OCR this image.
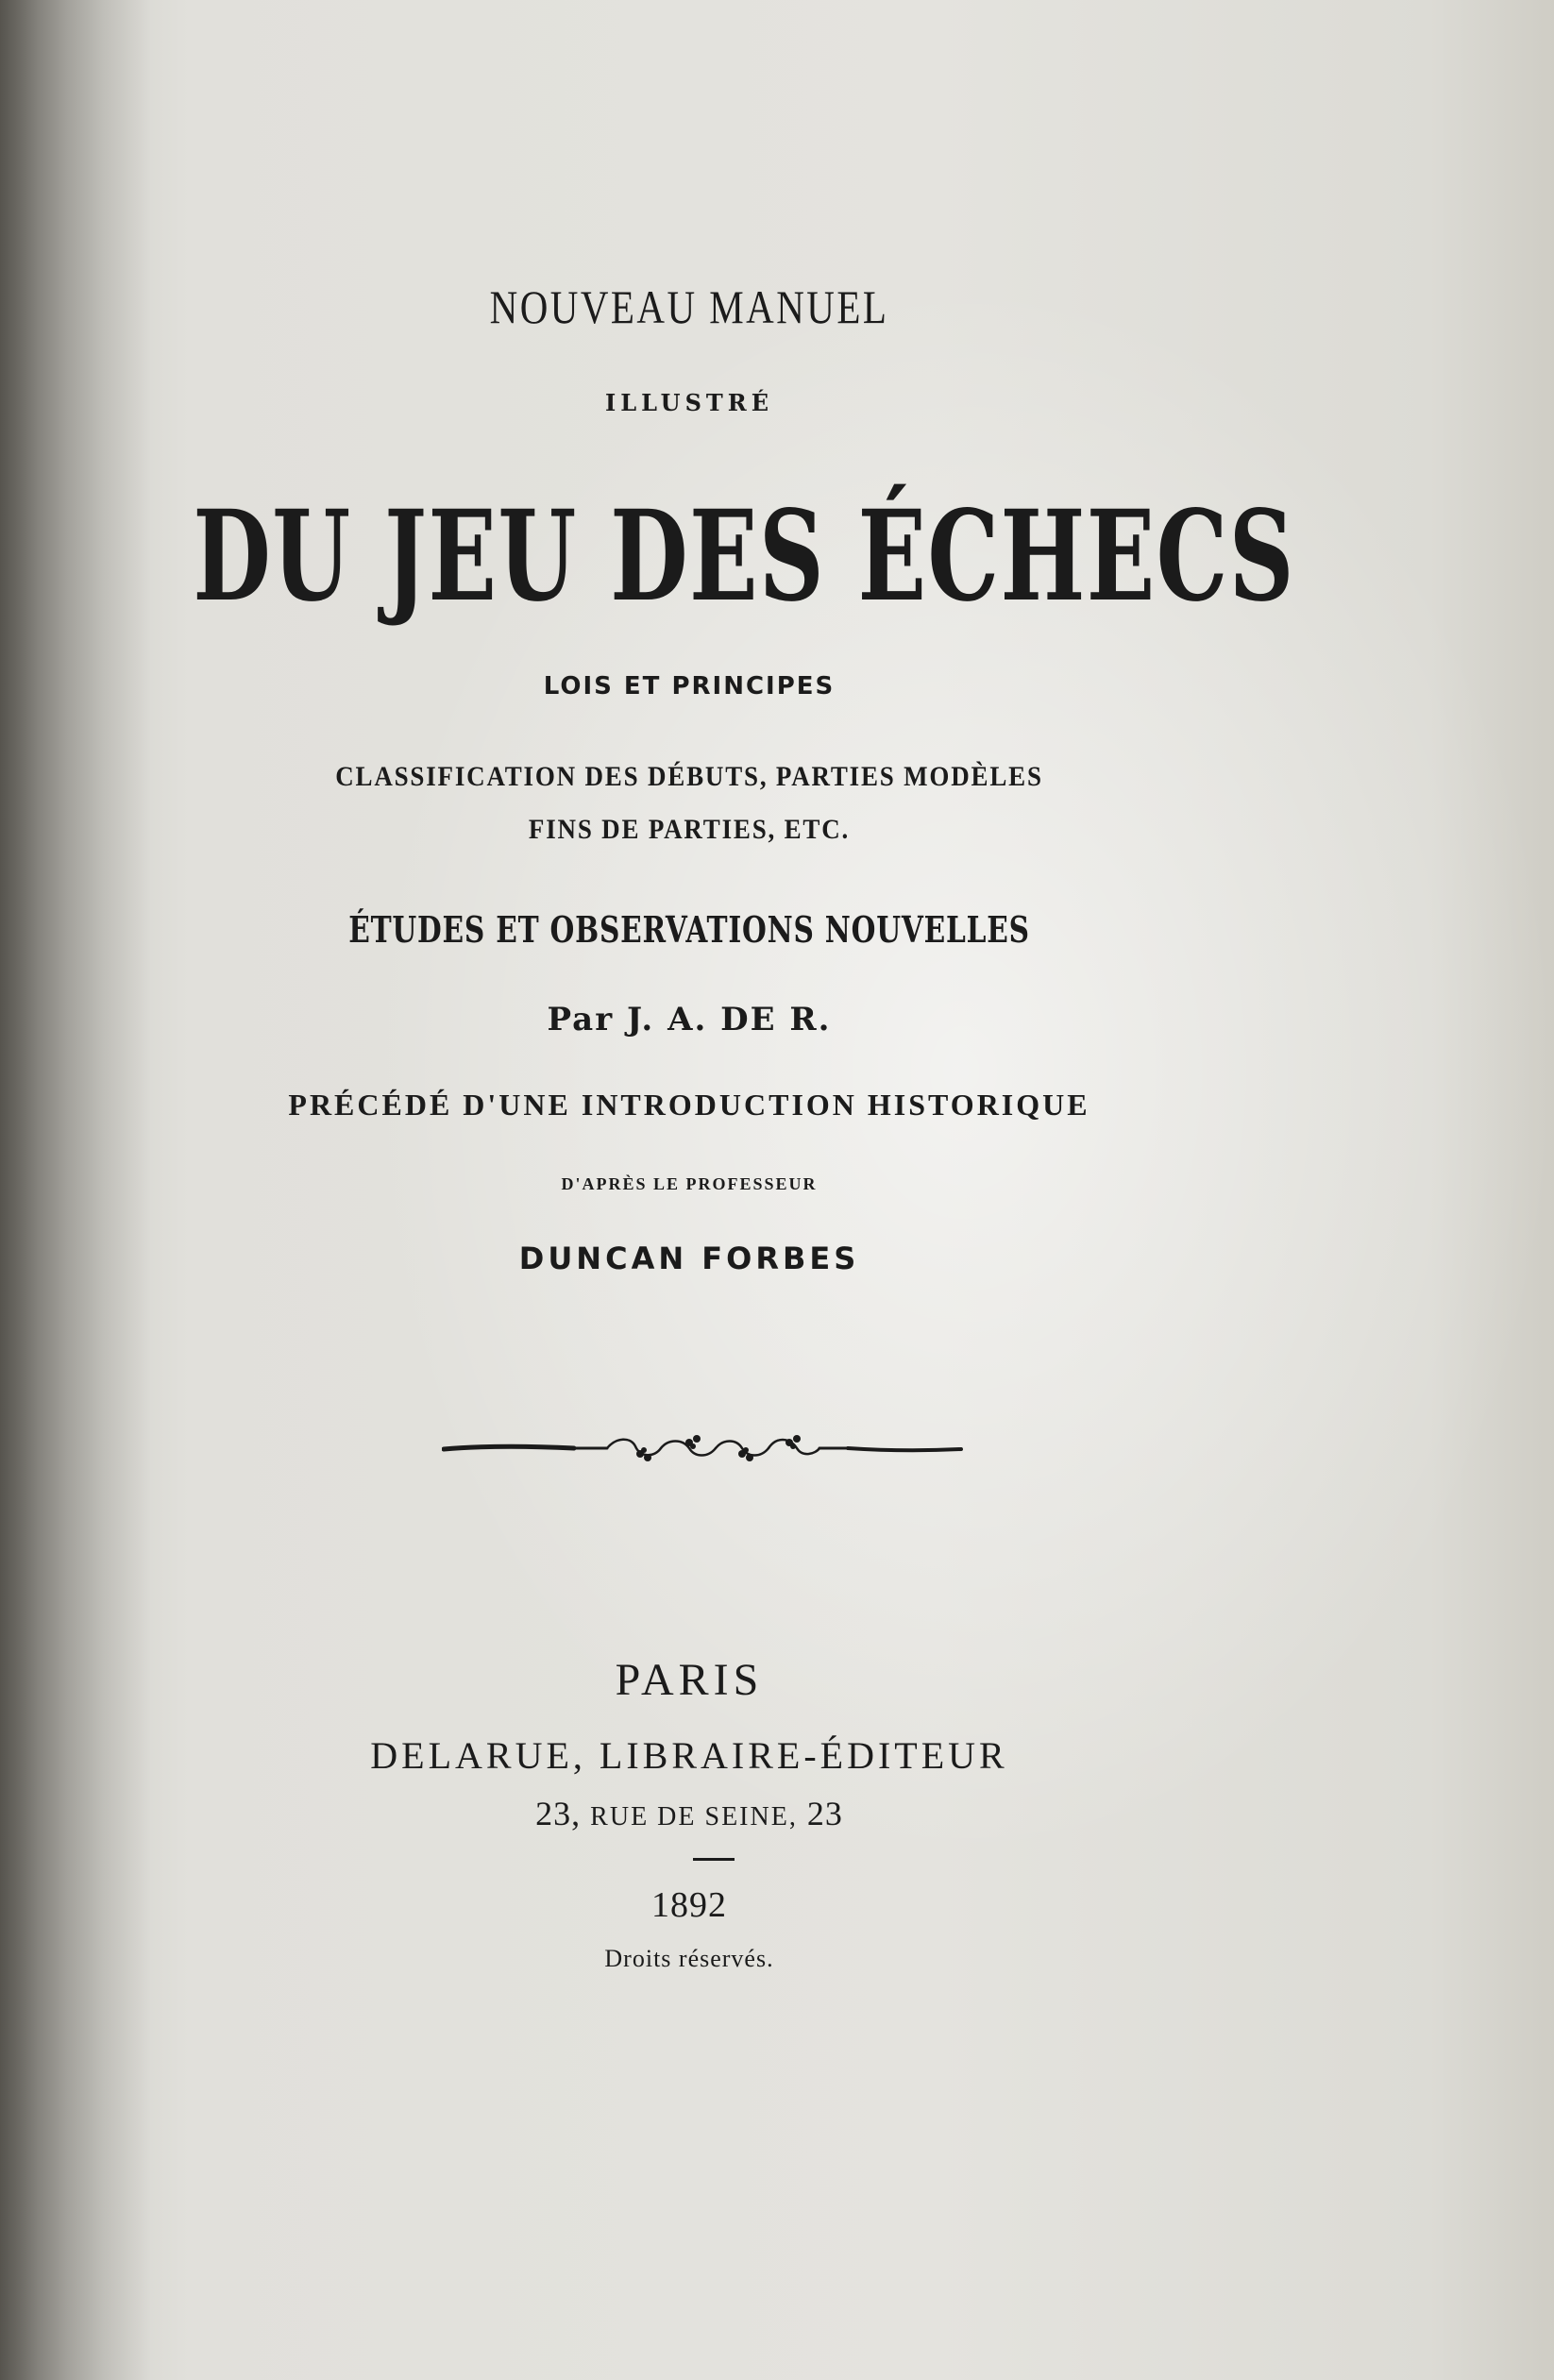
NOUVEAU MANUEL
ILLUSTRÉ
DU JEU DES ÉCHECS
LOIS ET PRINCIPES
CLASSIFICATION DES DÉBUTS, PARTIES MODÈLES
FINS DE PARTIES, ETC.
ÉTUDES ET OBSERVATIONS NOUVELLES
Par J. A. DE R.
PRÉCÉDÉ D'UNE INTRODUCTION HISTORIQUE
D'APRÈS LE PROFESSEUR
DUNCAN FORBES
PARIS
DELARUE, LIBRAIRE-ÉDITEUR
23, RUE DE SEINE, 23
1892
Droits réservés.
